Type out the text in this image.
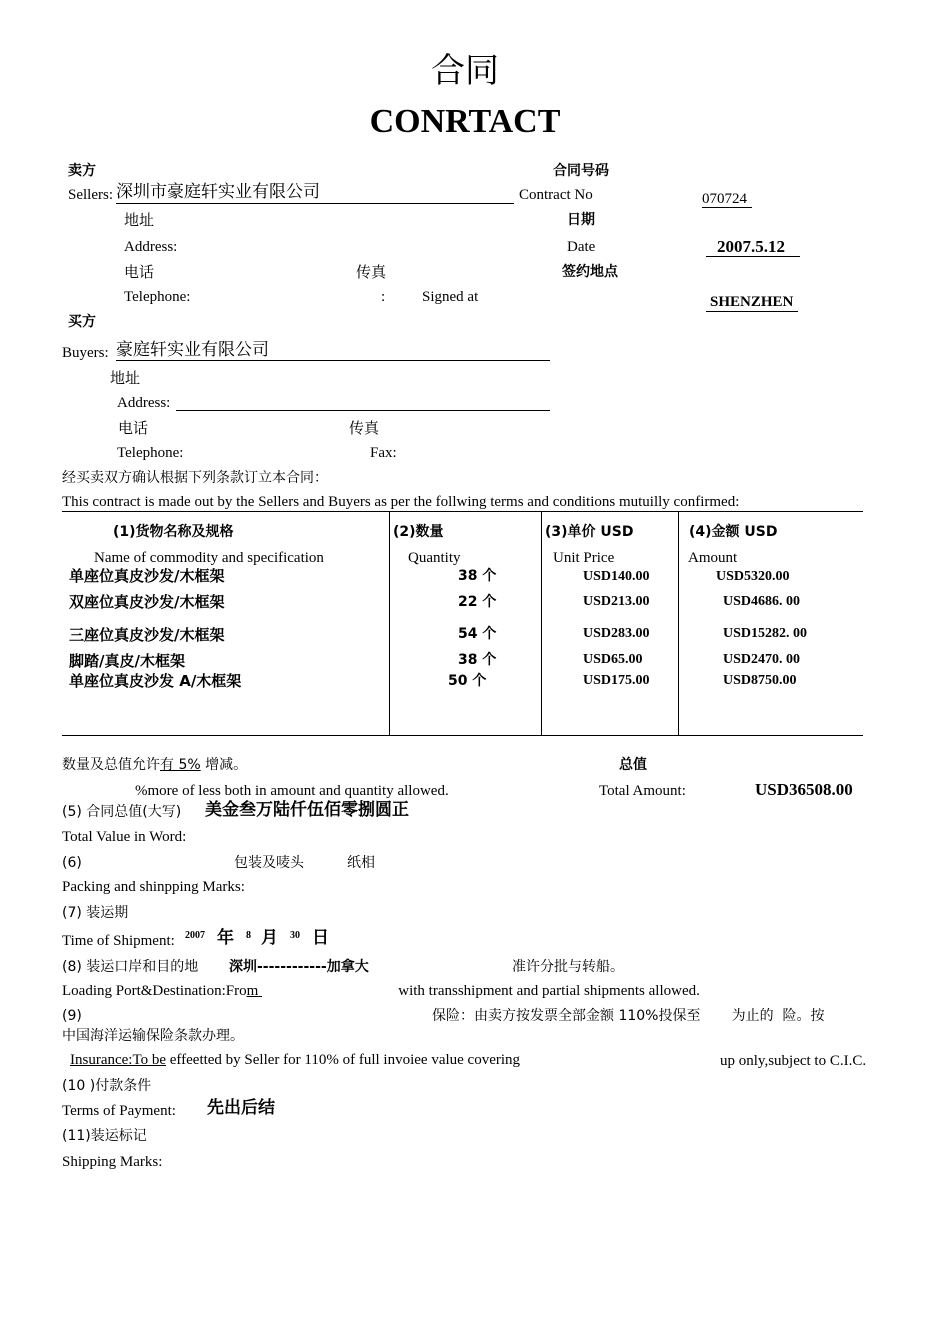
合同
CONRTACT
卖方
Sellers: 深圳市豪庭轩实业有限公司
地址
Address:
电话	传真
Telephone:	: Signed at
合同号码
Contract No	070724
日期
Date	2007.5.12
签约地点
SHENZHEN
买方
Buyers: 豪庭轩实业有限公司
地址
Address:
电话	传真
Telephone:	Fax:
经买卖双方确认根据下列条款订立本合同：
This contract is made out by the Sellers and Buyers as per the follwing terms and conditions mutuilly confirmed:
(1)货物名称及规格	(2)数量	(3)单价 USD	(4)金额 USD
Name of commodity and specification	Quantity	Unit Price	Amount
单座位真皮沙发/木框架	38 个	USD140.00	USD5320.00
双座位真皮沙发/木框架	22 个	USD213.00	USD4686. 00
三座位真皮沙发/木框架	54 个	USD283.00	USD15282. 00
脚踏/真皮/木框架	38 个	USD65.00	USD2470. 00
单座位真皮沙发 A/木框架	50 个	USD175.00	USD8750.00
数量及总值允许有 5% 增减。
%more of less both in amount and quantity allowed.
总值
Total Amount:	USD36508.00
(5) 合同总值(大写) 美金叁万陆仟伍佰零捌圆正
Total Value in Word:
(6)	包装及唛头	纸相
Packing and shinpping Marks:
(7) 装运期
Time of Shipment: 2007 年 8 月 30 日
(8) 装运口岸和目的地 深圳------------加拿大	准许分批与转船。
Loading Port&Destination:From	with transshipment and partial shipments allowed.
(9)	保险：由卖方按发票全部金额 110%投保至       为止的  险。按
中国海洋运输保险条款办理。
Insurance:To be effeetted by Seller for 110% of full invoiee value covering	up only,subject to C.I.C.
(10 )付款条件
Terms of Payment: 先出后结
(11)装运标记
Shipping Marks:
